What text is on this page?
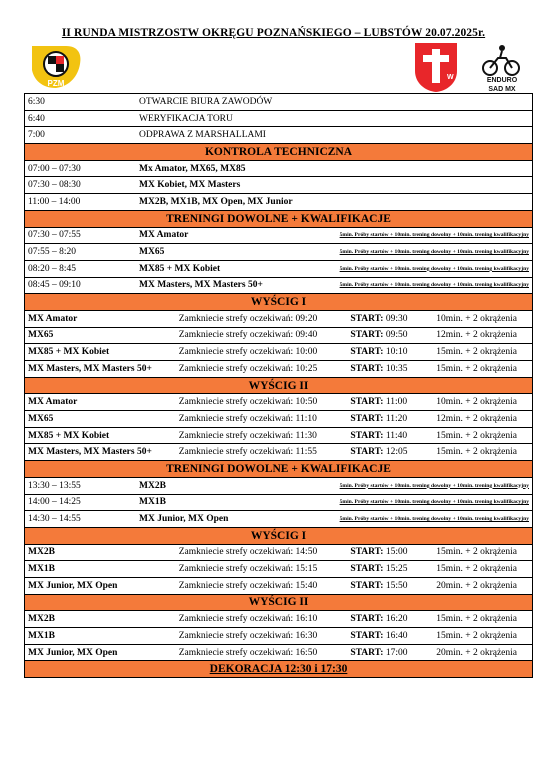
II RUNDA MISTRZOSTW OKRĘGU POZNAŃSKIEGO – LUBSTÓW 20.07.2025r.
PZM
W	ENDURO
SAD MX
6:30	OTWARCIE BIURA ZAWODÓW

6:40	WERYFIKACJA TORU

7:00	ODPRAWA Z MARSHALLAMI

KONTROLA TECHNICZNA

07:00 – 07:30	Mx Amator, MX65, MX85

07:30 – 08:30	MX Kobiet, MX Masters

11:00 – 14:00	MX2B, MX1B, MX Open, MX Junior

TRENINGI DOWOLNE + KWALIFIKACJE

07:30 – 07:55	MX Amator	5min. Próby startów + 10min. trening dowolny + 10min. trening kwalifikacyjny

07:55 – 8:20	MX65	5min. Próby startów + 10min. trening dowolny + 10min. trening kwalifikacyjny

08:20 – 8:45	MX85 + MX Kobiet	5min. Próby startów + 10min. trening dowolny + 10min. trening kwalifikacyjny

08:45 – 09:10	MX Masters, MX Masters 50+	5min. Próby startów + 10min. trening dowolny + 10min. trening kwalifikacyjny

WYŚCIG I

MX Amator	Zamkniecie strefy oczekiwań: 09:20	START: 09:30	10min. + 2 okrążenia

MX65	Zamkniecie strefy oczekiwań: 09:40	START: 09:50	12min. + 2 okrążenia

MX85 + MX Kobiet	Zamkniecie strefy oczekiwań: 10:00	START: 10:10	15min. + 2 okrążenia

MX Masters, MX Masters 50+	Zamkniecie strefy oczekiwań: 10:25	START: 10:35	15min. + 2 okrążenia

WYŚCIG II

MX Amator	Zamkniecie strefy oczekiwań: 10:50	START: 11:00	10min. + 2 okrążenia

MX65	Zamkniecie strefy oczekiwań: 11:10	START: 11:20	12min. + 2 okrążenia

MX85 + MX Kobiet	Zamkniecie strefy oczekiwań: 11:30	START: 11:40	15min. + 2 okrążenia

MX Masters, MX Masters 50+	Zamkniecie strefy oczekiwań: 11:55	START: 12:05	15min. + 2 okrążenia

TRENINGI DOWOLNE + KWALIFIKACJE

13:30 – 13:55	MX2B	5min. Próby startów + 10min. trening dowolny + 10min. trening kwalifikacyjny

14:00 – 14:25	MX1B	5min. Próby startów + 10min. trening dowolny + 10min. trening kwalifikacyjny

14:30 – 14:55	MX Junior, MX Open	5min. Próby startów + 10min. trening dowolny + 10min. trening kwalifikacyjny

WYŚCIG I

MX2B	Zamkniecie strefy oczekiwań: 14:50	START: 15:00	15min. + 2 okrążenia

MX1B	Zamkniecie strefy oczekiwań: 15:15	START: 15:25	15min. + 2 okrążenia

MX Junior, MX Open	Zamkniecie strefy oczekiwań: 15:40	START: 15:50	20min. + 2 okrążenia

WYŚCIG II

MX2B	Zamkniecie strefy oczekiwań: 16:10	START: 16:20	15min. + 2 okrążenia

MX1B	Zamkniecie strefy oczekiwań: 16:30	START: 16:40	15min. + 2 okrążenia

MX Junior, MX Open	Zamkniecie strefy oczekiwań: 16:50	START: 17:00	20min. + 2 okrążenia

DEKORACJA 12:30 i 17:30
